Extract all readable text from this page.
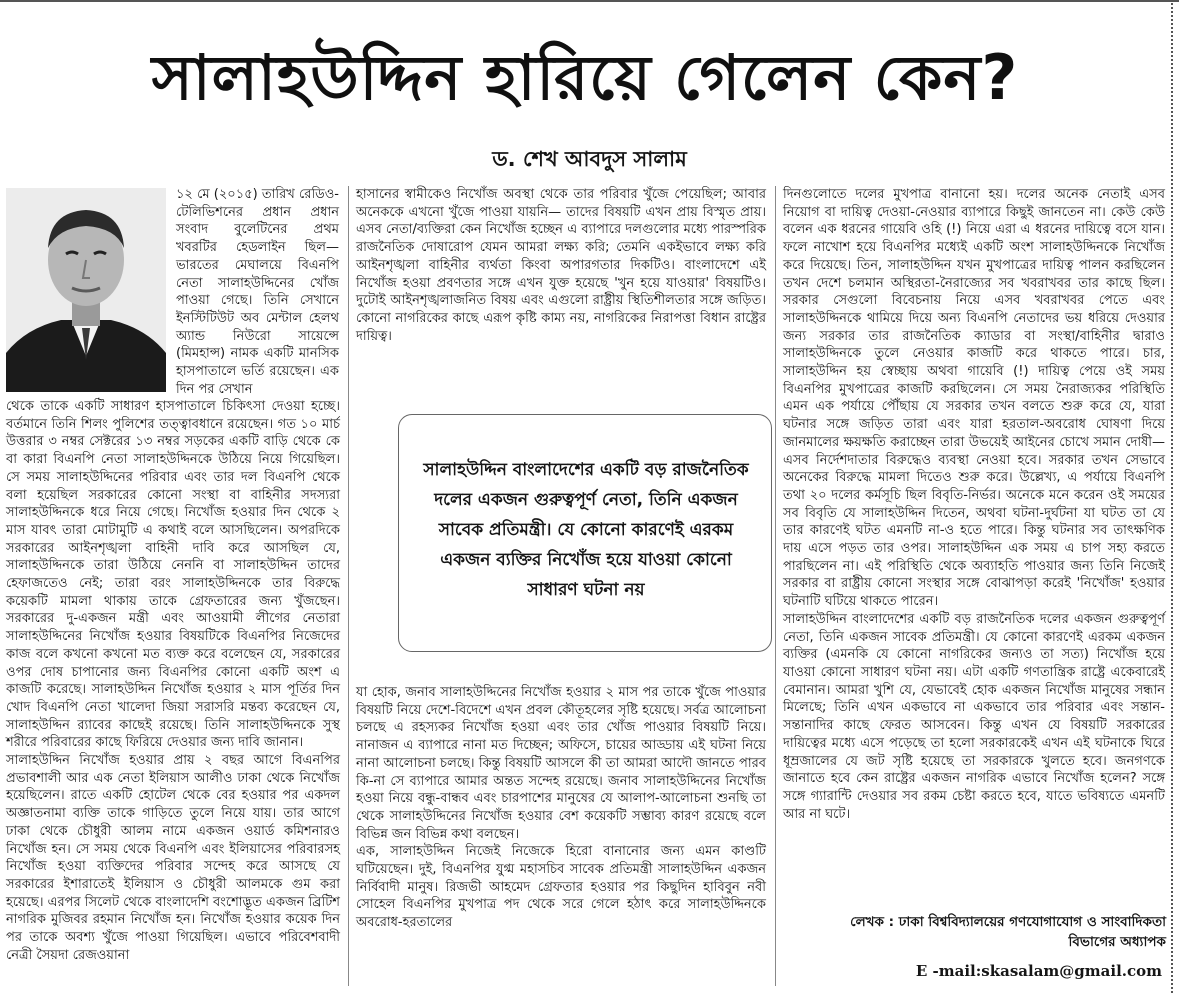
সালাহউদ্দিন হারিয়ে গেলেন কেন?

ড. শেখ আবদুস সালাম

১২ মে (২০১৫) তারিখ রেডিও-টেলিভিশনের প্রধান প্রধান সংবাদ বুলেটিনের প্রথম খবরটির হেডলাইন ছিল— ভারতের মেঘালয়ে বিএনপি নেতা সালাহউদ্দিনের খোঁজ পাওয়া গেছে। তিনি সেখানে ইনস্টিটিউট অব মেন্টাল হেলথ অ্যান্ড নিউরো সায়েন্সে (মিমহান্স) নামক একটি মানসিক হাসপাতালে ভর্তি রয়েছেন। এক দিন পর সেখান

থেকে তাকে একটি সাধারণ হাসপাতালে চিকিৎসা দেওয়া হচ্ছে। বর্তমানে তিনি শিলং পুলিশের তত্ত্বাবধানে রয়েছেন। গত ১০ মার্চ উত্তরার ৩ নম্বর সেক্টরের ১৩ নম্বর সড়কের একটি বাড়ি থেকে কে বা কারা বিএনপি নেতা সালাহউদ্দিনকে উঠিয়ে নিয়ে গিয়েছিল। সে সময় সালাহউদ্দিনের পরিবার এবং তার দল বিএনপি থেকে বলা হয়েছিল সরকারের কোনো সংস্থা বা বাহিনীর সদস্যরা সালাহউদ্দিনকে ধরে নিয়ে গেছে। নিখোঁজ হওয়ার দিন থেকে ২ মাস যাবৎ তারা মোটামুটি এ কথাই বলে আসছিলেন। অপরদিকে সরকারের আইনশৃঙ্খলা বাহিনী দাবি করে আসছিল যে, সালাহউদ্দিনকে তারা উঠিয়ে নেননি বা সালাহউদ্দিন তাদের হেফাজতেও নেই; তারা বরং সালাহউদ্দিনকে তার বিরুদ্ধে কয়েকটি মামলা থাকায় তাকে গ্রেফতারের জন্য খুঁজছেন। সরকারের দু-একজন মন্ত্রী এবং আওয়ামী লীগের নেতারা সালাহউদ্দিনের নিখোঁজ হওয়ার বিষয়টিকে বিএনপির নিজেদের কাজ বলে কখনো কখনো মত ব্যক্ত করে বলেছেন যে, সরকারের ওপর দোষ চাপানোর জন্য বিএনপির কোনো একটি অংশ এ কাজটি করেছে। সালাহউদ্দিন নিখোঁজ হওয়ার ২ মাস পূর্তির দিন খোদ বিএনপি নেতা খালেদা জিয়া সরাসরি মন্তব্য করেছেন যে, সালাহউদ্দিন র‌্যাবের কাছেই রয়েছে। তিনি সালাহউদ্দিনকে সুস্থ শরীরে পরিবারের কাছে ফিরিয়ে দেওয়ার জন্য দাবি জানান।

সালাহউদ্দিন নিখোঁজ হওয়ার প্রায় ২ বছর আগে বিএনপির প্রভাবশালী আর এক নেতা ইলিয়াস আলীও ঢাকা থেকে নিখোঁজ হয়েছিলেন। রাতে একটি হোটেল থেকে বের হওয়ার পর একদল অজ্ঞাতনামা ব্যক্তি তাকে গাড়িতে তুলে নিয়ে যায়। তার আগে ঢাকা থেকে চৌধুরী আলম নামে একজন ওয়ার্ড কমিশনারও নিখোঁজ হন। সে সময় থেকে বিএনপি এবং ইলিয়াসের পরিবারসহ নিখোঁজ হওয়া ব্যক্তিদের পরিবার সন্দেহ করে আসছে যে সরকারের ইশারাতেই ইলিয়াস ও চৌধুরী আলমকে গুম করা হয়েছে। এরপর সিলেট থেকে বাংলাদেশি বংশোদ্ভূত একজন ব্রিটিশ নাগরিক মুজিবর রহমান নিখোঁজ হন। নিখোঁজ হওয়ার কয়েক দিন পর তাকে অবশ্য খুঁজে পাওয়া গিয়েছিল। এভাবে পরিবেশবাদী নেত্রী সৈয়দা রেজওয়ানা

হাসানের স্বামীকেও নিখোঁজ অবস্থা থেকে তার পরিবার খুঁজে পেয়েছিল; আবার অনেককে এখনো খুঁজে পাওয়া যায়নি— তাদের বিষয়টি এখন প্রায় বিস্মৃত প্রায়। এসব নেতা/ব্যক্তিরা কেন নিখোঁজ হচ্ছেন এ ব্যাপারে দলগুলোর মধ্যে পারস্পরিক রাজনৈতিক দোষারোপ যেমন আমরা লক্ষ্য করি; তেমনি একইভাবে লক্ষ্য করি আইনশৃঙ্খলা বাহিনীর ব্যর্থতা কিংবা অপারগতার দিকটিও। বাংলাদেশে এই নিখোঁজ হওয়া প্রবণতার সঙ্গে এখন যুক্ত হয়েছে 'খুন হয়ে যাওয়ার' বিষয়টিও। দুটোই আইনশৃঙ্খলাজনিত বিষয় এবং এগুলো রাষ্ট্রীয় স্থিতিশীলতার সঙ্গে জড়িত। কোনো নাগরিকের কাছে এরূপ কৃষ্টি কাম্য নয়, নাগরিকের নিরাপত্তা বিধান রাষ্ট্রের দায়িত্ব।

সালাহউদ্দিন বাংলাদেশের একটি বড় রাজনৈতিক দলের একজন গুরুত্বপূর্ণ নেতা, তিনি একজন সাবেক প্রতিমন্ত্রী। যে কোনো কারণেই এরকম একজন ব্যক্তির নিখোঁজ হয়ে যাওয়া কোনো সাধারণ ঘটনা নয়

যা হোক, জনাব সালাহউদ্দিনের নিখোঁজ হওয়ার ২ মাস পর তাকে খুঁজে পাওয়ার বিষয়টি নিয়ে দেশে-বিদেশে এখন প্রবল কৌতূহলের সৃষ্টি হয়েছে। সর্বত্র আলোচনা চলছে এ রহস্যকর নিখোঁজ হওয়া এবং তার খোঁজ পাওয়ার বিষয়টি নিয়ে। নানাজন এ ব্যাপারে নানা মত দিচ্ছেন; অফিসে, চায়ের আড্ডায় এই ঘটনা নিয়ে নানা আলোচনা চলছে। কিন্তু বিষয়টি আসলে কী তা আমরা আদৌ জানতে পারব কি-না সে ব্যাপারে আমার অন্তত সন্দেহ রয়েছে। জনাব সালাহউদ্দিনের নিখোঁজ হওয়া নিয়ে বন্ধু-বান্ধব এবং চারপাশের মানুষের যে আলাপ-আলোচনা শুনছি তা থেকে সালাহউদ্দিনের নিখোঁজ হওয়ার বেশ কয়েকটি সম্ভাব্য কারণ রয়েছে বলে বিভিন্ন জন বিভিন্ন কথা বলছেন।

এক, সালাহউদ্দিন নিজেই নিজেকে হিরো বানানোর জন্য এমন কাণ্ডটি ঘটিয়েছেন। দুই, বিএনপির যুগ্ম মহাসচিব সাবেক প্রতিমন্ত্রী সালাহউদ্দিন একজন নির্বিবাদী মানুষ। রিজভী আহমেদ গ্রেফতার হওয়ার পর কিছুদিন হাবিবুন নবী সোহেল বিএনপির মুখপাত্র পদ থেকে সরে গেলে হঠাৎ করে সালাহউদ্দিনকে অবরোধ-হরতালের

দিনগুলোতে দলের মুখপাত্র বানানো হয়। দলের অনেক নেতাই এসব নিয়োগ বা দায়িত্ব দেওয়া-নেওয়ার ব্যাপারে কিছুই জানতেন না। কেউ কেউ বলেন এক ধরনের গায়েবি ওহি (!) নিয়ে এরা এ ধরনের দায়িত্বে বসে যান। ফলে নাখোশ হয়ে বিএনপির মধ্যেই একটি অংশ সালাহউদ্দিনকে নিখোঁজ করে দিয়েছে। তিন, সালাহউদ্দিন যখন মুখপাত্রের দায়িত্ব পালন করছিলেন তখন দেশে চলমান অস্থিরতা-নৈরাজ্যের সব খবরাখবর তার কাছে ছিল। সরকার সেগুলো বিবেচনায় নিয়ে এসব খবরাখবর পেতে এবং সালাহউদ্দিনকে থামিয়ে দিয়ে অন্য বিএনপি নেতাদের ভয় ধরিয়ে দেওয়ার জন্য সরকার তার রাজনৈতিক ক্যাডার বা সংস্থা/বাহিনীর দ্বারাও সালাহউদ্দিনকে তুলে নেওয়ার কাজটি করে থাকতে পারে। চার, সালাহউদ্দিন হয় স্বেচ্ছায় অথবা গায়েবি (!) দায়িত্ব পেয়ে ওই সময় বিএনপির মুখপাত্রের কাজটি করছিলেন। সে সময় নৈরাজ্যকর পরিস্থিতি এমন এক পর্যায়ে পৌঁছায় যে সরকার তখন বলতে শুরু করে যে, যারা ঘটনার সঙ্গে জড়িত তারা এবং যারা হরতাল-অবরোধ ঘোষণা দিয়ে জানমালের ক্ষয়ক্ষতি করাচ্ছেন তারা উভয়েই আইনের চোখে সমান দোষী— এসব নির্দেশদাতার বিরুদ্ধেও ব্যবস্থা নেওয়া হবে। সরকার তখন সেভাবে অনেকের বিরুদ্ধে মামলা দিতেও শুরু করে। উল্লেখ্য, এ পর্যায়ে বিএনপি তথা ২০ দলের কর্মসূচি ছিল বিবৃতি-নির্ভর। অনেকে মনে করেন ওই সময়ের সব বিবৃতি যে সালাহউদ্দিন দিতেন, অথবা ঘটনা-দুর্ঘটনা যা ঘটত তা যে তার কারণেই ঘটত এমনটি না-ও হতে পারে। কিন্তু ঘটনার সব তাৎক্ষণিক দায় এসে পড়ত তার ওপর। সালাহউদ্দিন এক সময় এ চাপ সহ্য করতে পারছিলেন না। এই পরিস্থিতি থেকে অব্যাহতি পাওয়ার জন্য তিনি নিজেই সরকার বা রাষ্ট্রীয় কোনো সংস্থার সঙ্গে বোঝাপড়া করেই 'নিখোঁজ' হওয়ার ঘটনাটি ঘটিয়ে থাকতে পারেন।

সালাহউদ্দিন বাংলাদেশের একটি বড় রাজনৈতিক দলের একজন গুরুত্বপূর্ণ নেতা, তিনি একজন সাবেক প্রতিমন্ত্রী। যে কোনো কারণেই এরকম একজন ব্যক্তির (এমনকি যে কোনো নাগরিকের জন্যও তা সত্য) নিখোঁজ হয়ে যাওয়া কোনো সাধারণ ঘটনা নয়। এটা একটি গণতান্ত্রিক রাষ্ট্রে একেবারেই বেমানান। আমরা খুশি যে, যেভাবেই হোক একজন নিখোঁজ মানুষের সন্ধান মিলেছে; তিনি এখন একভাবে না একভাবে তার পরিবার এবং সন্তান-সন্তানাদির কাছে ফেরত আসবেন। কিন্তু এখন যে বিষয়টি সরকারের দায়িত্বের মধ্যে এসে পড়েছে তা হলো সরকারকেই এখন এই ঘটনাকে ঘিরে ধূম্রজালের যে জট সৃষ্টি হয়েছে তা সরকারকে খুলতে হবে। জনগণকে জানাতে হবে কেন রাষ্ট্রের একজন নাগরিক এভাবে নিখোঁজ হলেন? সঙ্গে সঙ্গে গ্যারান্টি দেওয়ার সব রকম চেষ্টা করতে হবে, যাতে ভবিষ্যতে এমনটি আর না ঘটে।

লেখক : ঢাকা বিশ্ববিদ্যালয়ের গণযোগাযোগ ও সাংবাদিকতা

বিভাগের অধ্যাপক

E -mail:skasalam@gmail.com
